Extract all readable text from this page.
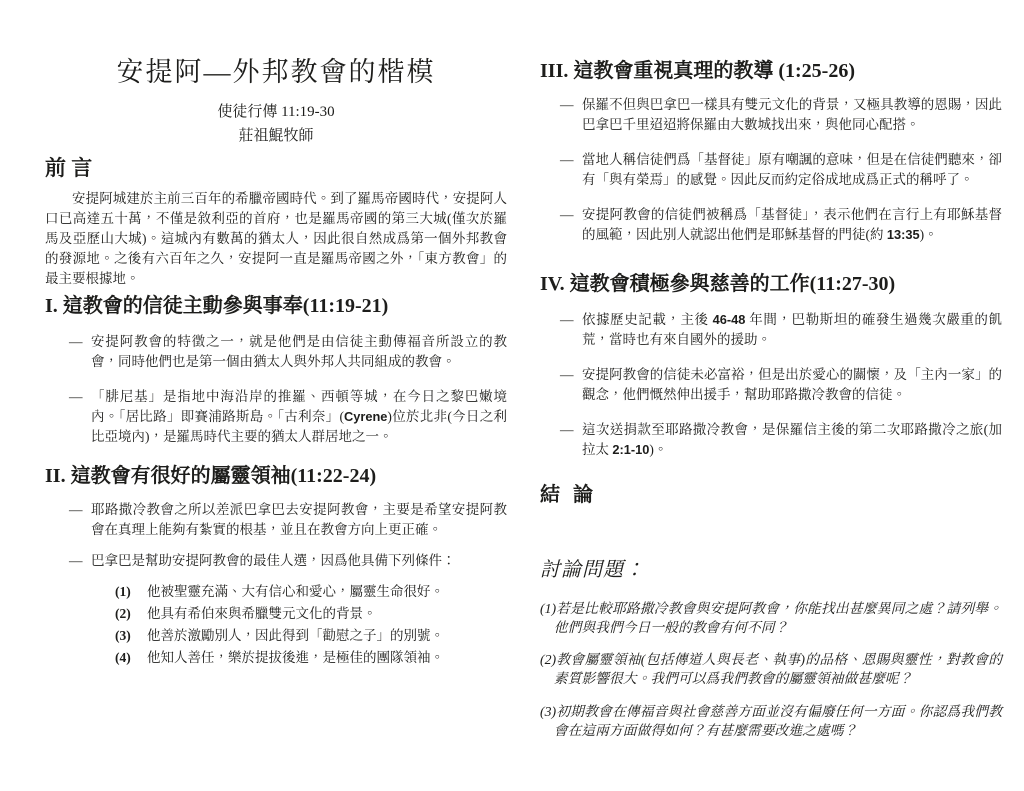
安提阿—外邦教會的楷模
使徒行傳 11:19-30
莊祖鯤牧師
前 言

安提阿城建於主前三百年的希臘帝國時代。到了羅馬帝國時代，安提阿人口已高達五十萬，不僅是敘利亞的首府，也是羅馬帝國的第三大城(僅次於羅馬及亞歷山大城)。這城內有數萬的猶太人，因此很自然成爲第一個外邦教會的發源地。之後有六百年之久，安提阿一直是羅馬帝國之外，「東方教會」的最主要根據地。

I. 這教會的信徒主動參與事奉(11:19-21)
— 安提阿教會的特徵之一，就是他們是由信徒主動傳福音所設立的教會，同時他們也是第一個由猶太人與外邦人共同組成的教會。
— 「腓尼基」是指地中海沿岸的推羅、西頓等城，在今日之黎巴嫩境內。「居比路」即賽浦路斯島。「古利奈」(Cyrene)位於北非(今日之利比亞境內)，是羅馬時代主要的猶太人群居地之一。
II. 這教會有很好的屬靈領袖(11:22-24)
— 耶路撒冷教會之所以差派巴拿巴去安提阿教會，主要是希望安提阿教會在真理上能夠有紮實的根基，並且在教會方向上更正確。
— 巴拿巴是幫助安提阿教會的最佳人選，因爲他具備下列條件：
(1)	他被聖靈充滿、大有信心和愛心，屬靈生命很好。
(2)	他具有希伯來與希臘雙元文化的背景。
(3)	他善於激勵別人，因此得到「勸慰之子」的別號。
(4)	他知人善任，樂於提拔後進，是極佳的團隊領袖。
III. 這教會重視真理的教導 (1:25-26)
— 保羅不但與巴拿巴一樣具有雙元文化的背景，又極具教導的恩賜，因此巴拿巴千里迢迢將保羅由大數城找出來，與他同心配搭。
— 當地人稱信徒們爲「基督徒」原有嘲諷的意味，但是在信徒們聽來，卻有「與有榮焉」的感覺。因此反而約定俗成地成爲正式的稱呼了。
— 安提阿教會的信徒們被稱爲「基督徒」，表示他們在言行上有耶穌基督的風範，因此別人就認出他們是耶穌基督的門徒(約 13:35)。
IV. 這教會積極參與慈善的工作(11:27-30)
— 依據歷史記載，主後 46-48 年間，巴勒斯坦的確發生過幾次嚴重的飢荒，當時也有來自國外的援助。
— 安提阿教會的信徒未必富裕，但是出於愛心的關懷，及「主內一家」的觀念，他們慨然伸出援手，幫助耶路撒冷教會的信徒。
— 這次送捐款至耶路撒冷教會，是保羅信主後的第二次耶路撒冷之旅(加拉太 2:1-10)。
結 論
討論問題：

(1)若是比較耶路撒冷教會與安提阿教會，你能找出甚麼異同之處？請列舉。他們與我們今日一般的教會有何不同？

(2)教會屬靈領袖(包括傳道人與長老、執事)的品格、恩賜與靈性，對教會的素質影響很大。我們可以爲我們教會的屬靈領袖做甚麼呢？

(3)初期教會在傳福音與社會慈善方面並沒有偏廢任何一方面。你認爲我們教會在這兩方面做得如何？有甚麼需要改進之處嗎？
